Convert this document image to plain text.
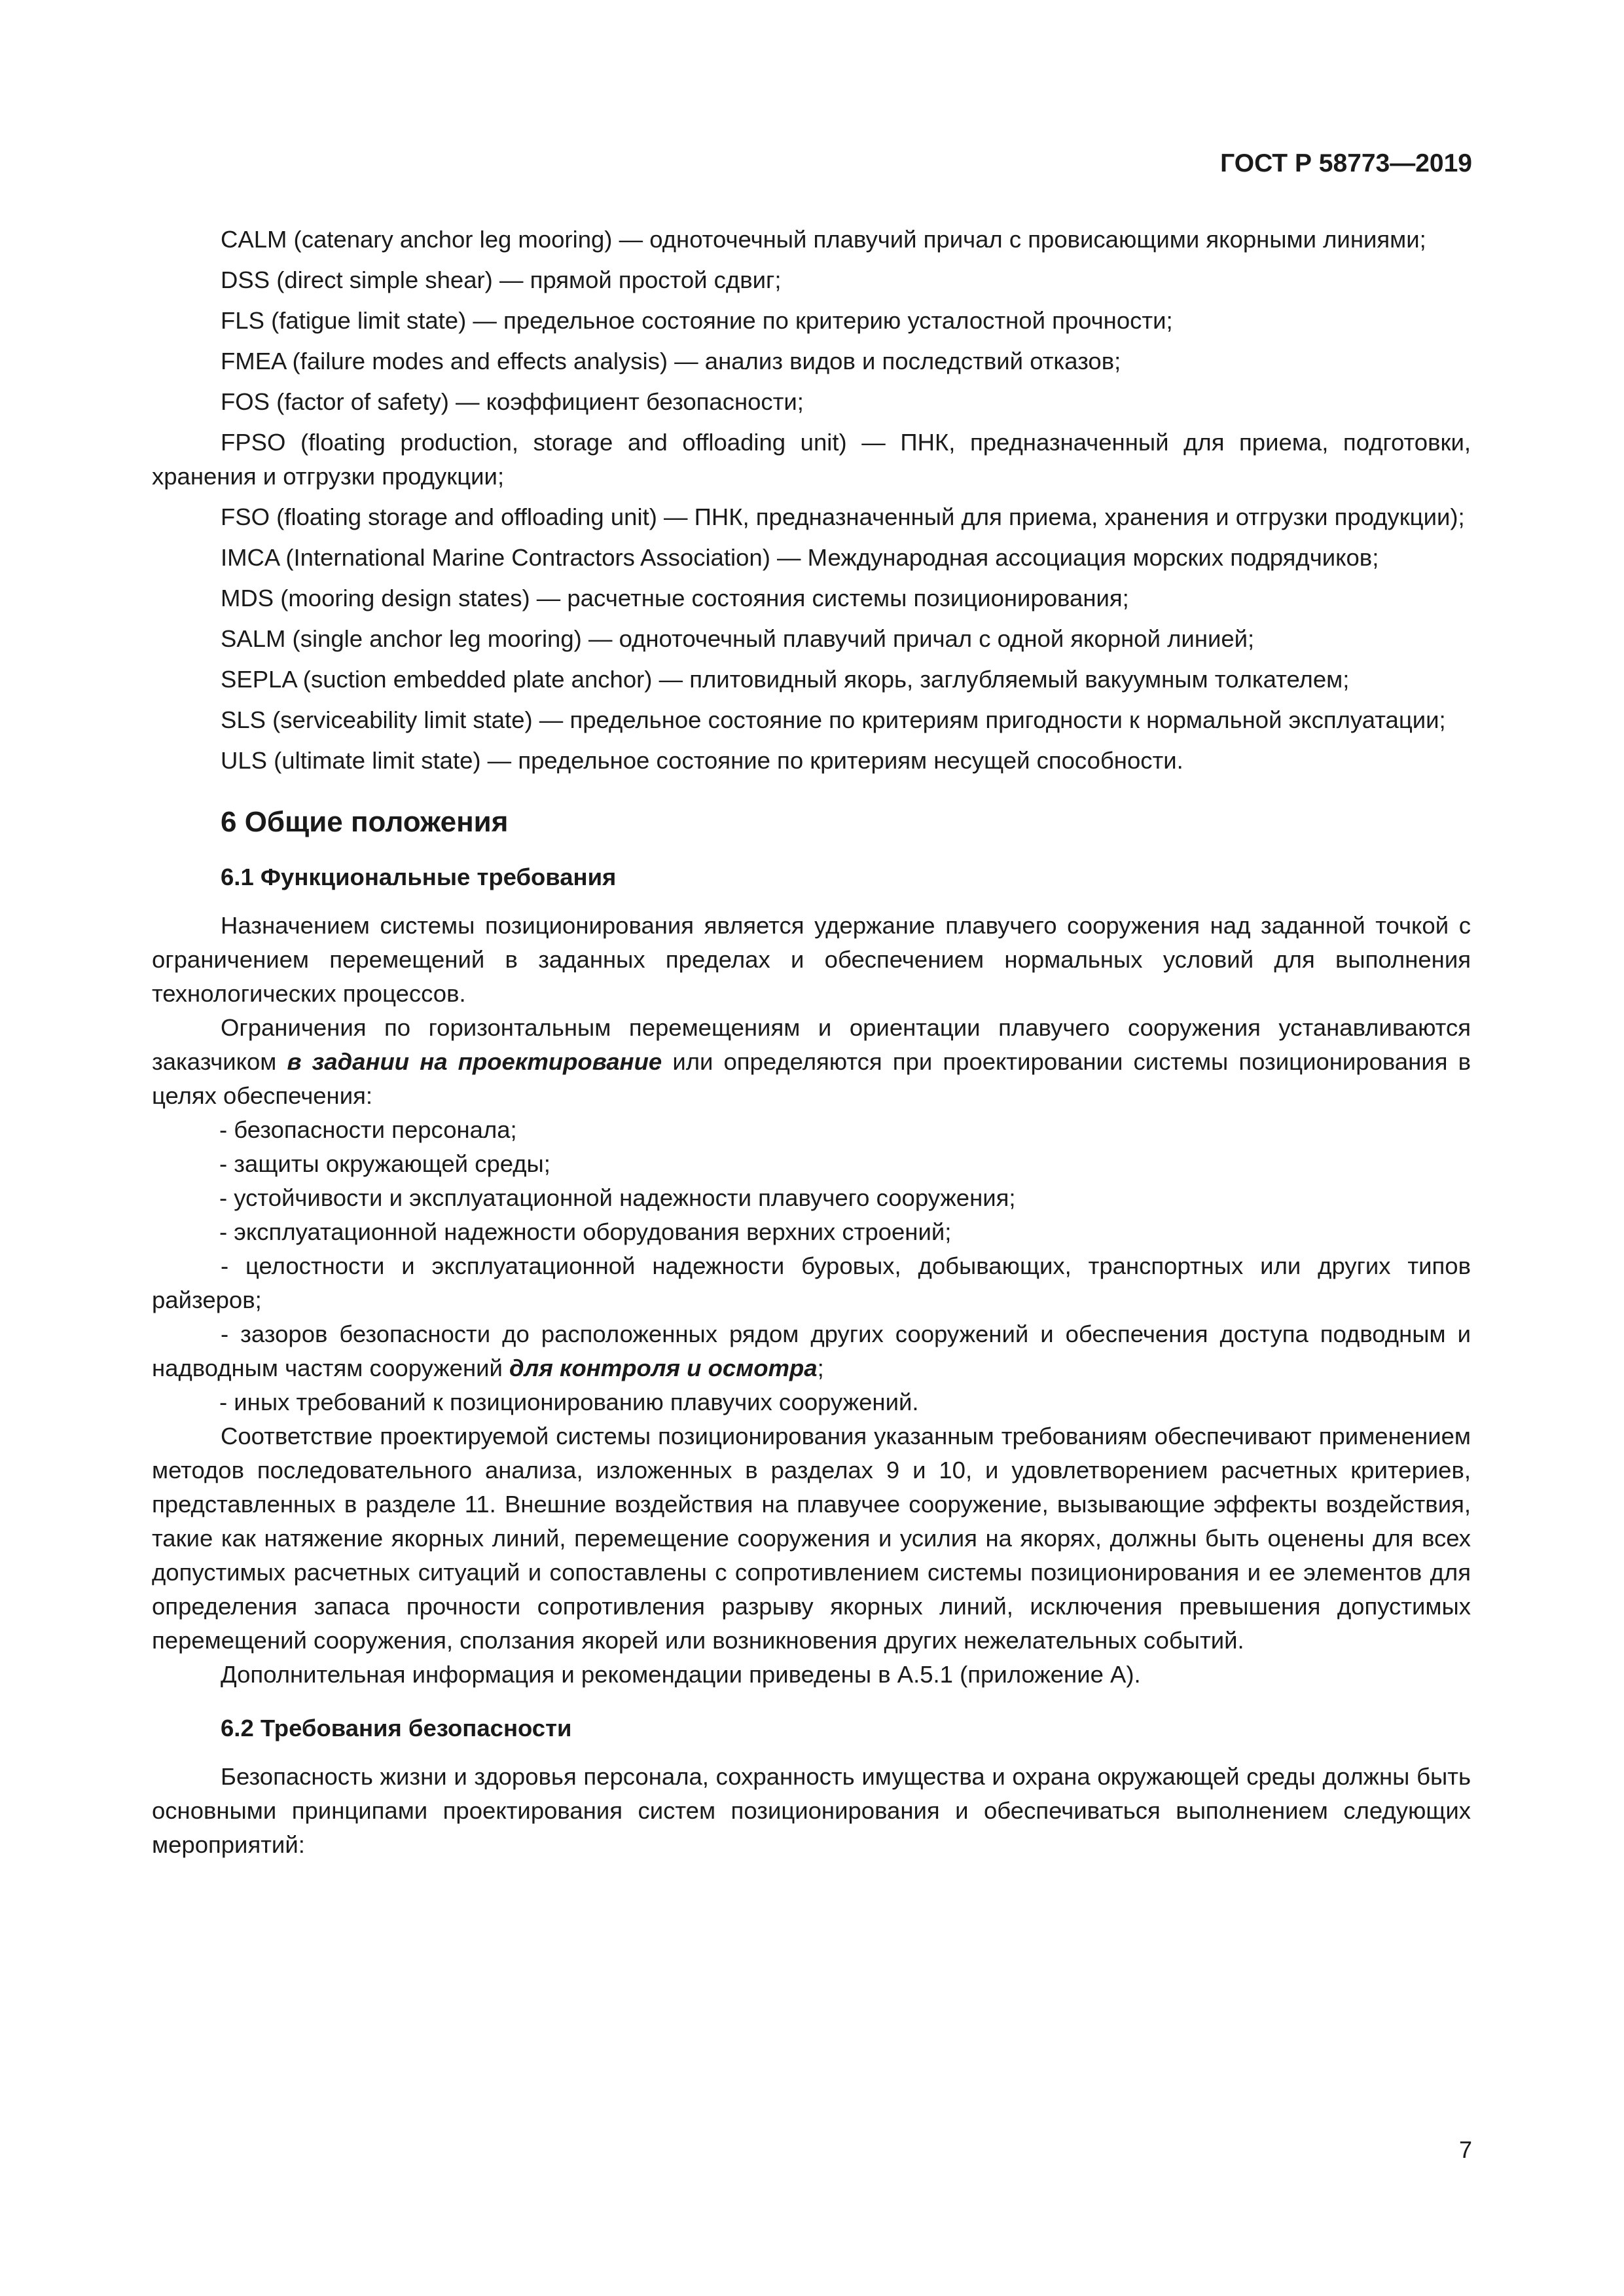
ГОСТ Р 58773—2019

CALM (catenary anchor leg mooring) — одноточечный плавучий причал с провисающими якорными линиями;

DSS (direct simple shear) — прямой простой сдвиг;

FLS (fatigue limit state) — предельное состояние по критерию усталостной прочности;

FMEA (failure modes and effects analysis) — анализ видов и последствий отказов;

FOS (factor of safety) — коэффициент безопасности;

FPSO (floating production, storage and offloading unit) — ПНК, предназначенный для приема, подготовки, хранения и отгрузки продукции;

FSO (floating storage and offloading unit) — ПНК, предназначенный для приема, хранения и отгрузки продукции);

IMCA (International Marine Contractors Association) — Международная ассоциация морских подрядчиков;

MDS (mooring design states) — расчетные состояния системы позиционирования;

SALM (single anchor leg mooring) — одноточечный плавучий причал с одной якорной линией;

SEPLA (suction embedded plate anchor) — плитовидный якорь, заглубляемый вакуумным толкателем;

SLS (serviceability limit state) — предельное состояние по критериям пригодности к нормальной эксплуатации;

ULS (ultimate limit state) — предельное состояние по критериям несущей способности.

6 Общие положения
6.1 Функциональные требования

Назначением системы позиционирования является удержание плавучего сооружения над заданной точкой с ограничением перемещений в заданных пределах и обеспечением нормальных условий для выполнения технологических процессов.

Ограничения по горизонтальным перемещениям и ориентации плавучего сооружения устанавливаются заказчиком в задании на проектирование или определяются при проектировании системы позиционирования в целях обеспечения:

- безопасности персонала;

- защиты окружающей среды;

- устойчивости и эксплуатационной надежности плавучего сооружения;

- эксплуатационной надежности оборудования верхних строений;

- целостности и эксплуатационной надежности буровых, добывающих, транспортных или других типов райзеров;

- зазоров безопасности до расположенных рядом других сооружений и обеспечения доступа подводным и надводным частям сооружений для контроля и осмотра;

- иных требований к позиционированию плавучих сооружений.

Соответствие проектируемой системы позиционирования указанным требованиям обеспечивают применением методов последовательного анализа, изложенных в разделах 9 и 10, и удовлетворением расчетных критериев, представленных в разделе 11. Внешние воздействия на плавучее сооружение, вызывающие эффекты воздействия, такие как натяжение якорных линий, перемещение сооружения и усилия на якорях, должны быть оценены для всех допустимых расчетных ситуаций и сопоставлены с сопротивлением системы позиционирования и ее элементов для определения запаса прочности сопротивления разрыву якорных линий, исключения превышения допустимых перемещений сооружения, сползания якорей или возникновения других нежелательных событий.

Дополнительная информация и рекомендации приведены в А.5.1 (приложение А).

6.2 Требования безопасности

Безопасность жизни и здоровья персонала, сохранность имущества и охрана окружающей среды должны быть основными принципами проектирования систем позиционирования и обеспечиваться выполнением следующих мероприятий:

7
